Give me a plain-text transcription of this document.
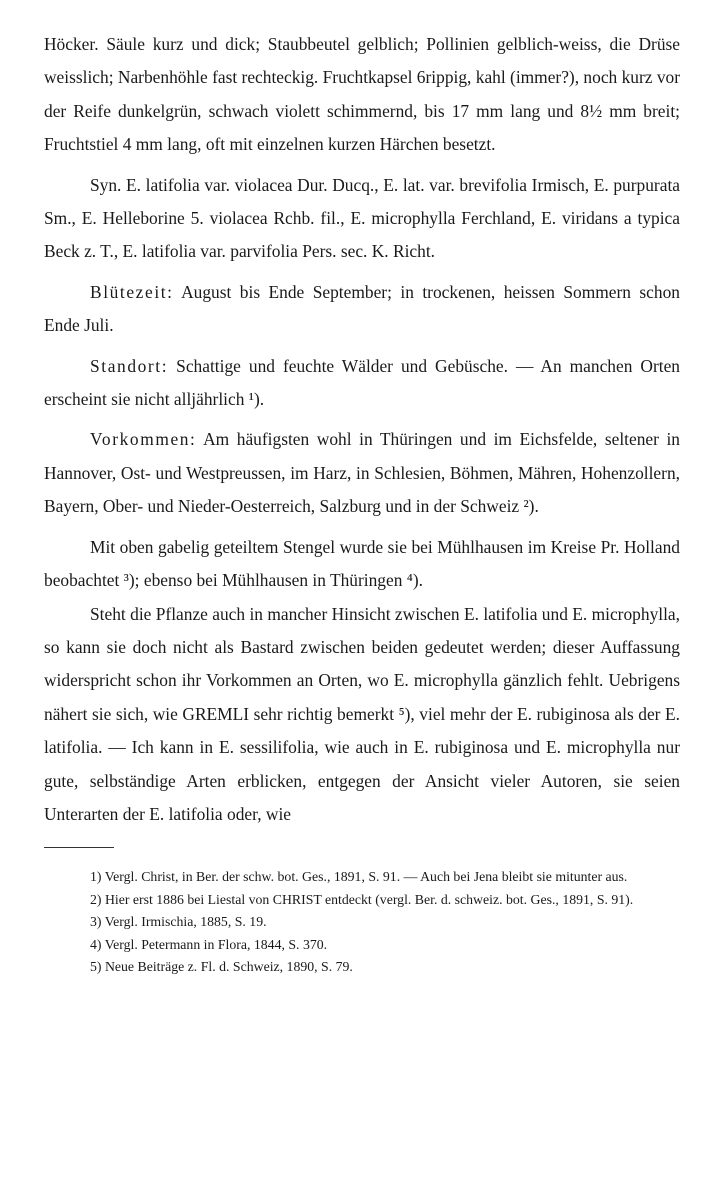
Höcker. Säule kurz und dick; Staubbeutel gelblich; Pollinien gelblich-weiss, die Drüse weisslich; Narbenhöhle fast rechteckig. Fruchtkapsel 6rippig, kahl (immer?), noch kurz vor der Reife dunkelgrün, schwach violett schimmernd, bis 17 mm lang und 8½ mm breit; Fruchtstiel 4 mm lang, oft mit einzelnen kurzen Härchen besetzt.

Syn. E. latifolia var. violacea Dur. Ducq., E. lat. var. brevifolia Irmisch, E. purpurata Sm., E. Helleborine 5. violacea Rchb. fil., E. microphylla Ferchland, E. viridans a typica Beck z. T., E. latifolia var. parvifolia Pers. sec. K. Richt.

Blütezeit: August bis Ende September; in trockenen, heissen Sommern schon Ende Juli.

Standort: Schattige und feuchte Wälder und Gebüsche. — An manchen Orten erscheint sie nicht alljährlich ¹).

Vorkommen: Am häufigsten wohl in Thüringen und im Eichsfelde, seltener in Hannover, Ost- und Westpreussen, im Harz, in Schlesien, Böhmen, Mähren, Hohenzollern, Bayern, Ober- und Nieder-Oesterreich, Salzburg und in der Schweiz ²).

Mit oben gabelig geteiltem Stengel wurde sie bei Mühlhausen im Kreise Pr. Holland beobachtet ³); ebenso bei Mühlhausen in Thüringen ⁴).

Steht die Pflanze auch in mancher Hinsicht zwischen E. latifolia und E. microphylla, so kann sie doch nicht als Bastard zwischen beiden gedeutet werden; dieser Auffassung widerspricht schon ihr Vorkommen an Orten, wo E. microphylla gänzlich fehlt. Uebrigens nähert sie sich, wie GREMLI sehr richtig bemerkt ⁵), viel mehr der E. rubiginosa als der E. latifolia. — Ich kann in E. sessilifolia, wie auch in E. rubiginosa und E. microphylla nur gute, selbständige Arten erblicken, entgegen der Ansicht vieler Autoren, sie seien Unterarten der E. latifolia oder, wie

1) Vergl. Christ, in Ber. der schw. bot. Ges., 1891, S. 91. — Auch bei Jena bleibt sie mitunter aus.

2) Hier erst 1886 bei Liestal von CHRIST entdeckt (vergl. Ber. d. schweiz. bot. Ges., 1891, S. 91).

3) Vergl. Irmischia, 1885, S. 19.

4) Vergl. Petermann in Flora, 1844, S. 370.

5) Neue Beiträge z. Fl. d. Schweiz, 1890, S. 79.
